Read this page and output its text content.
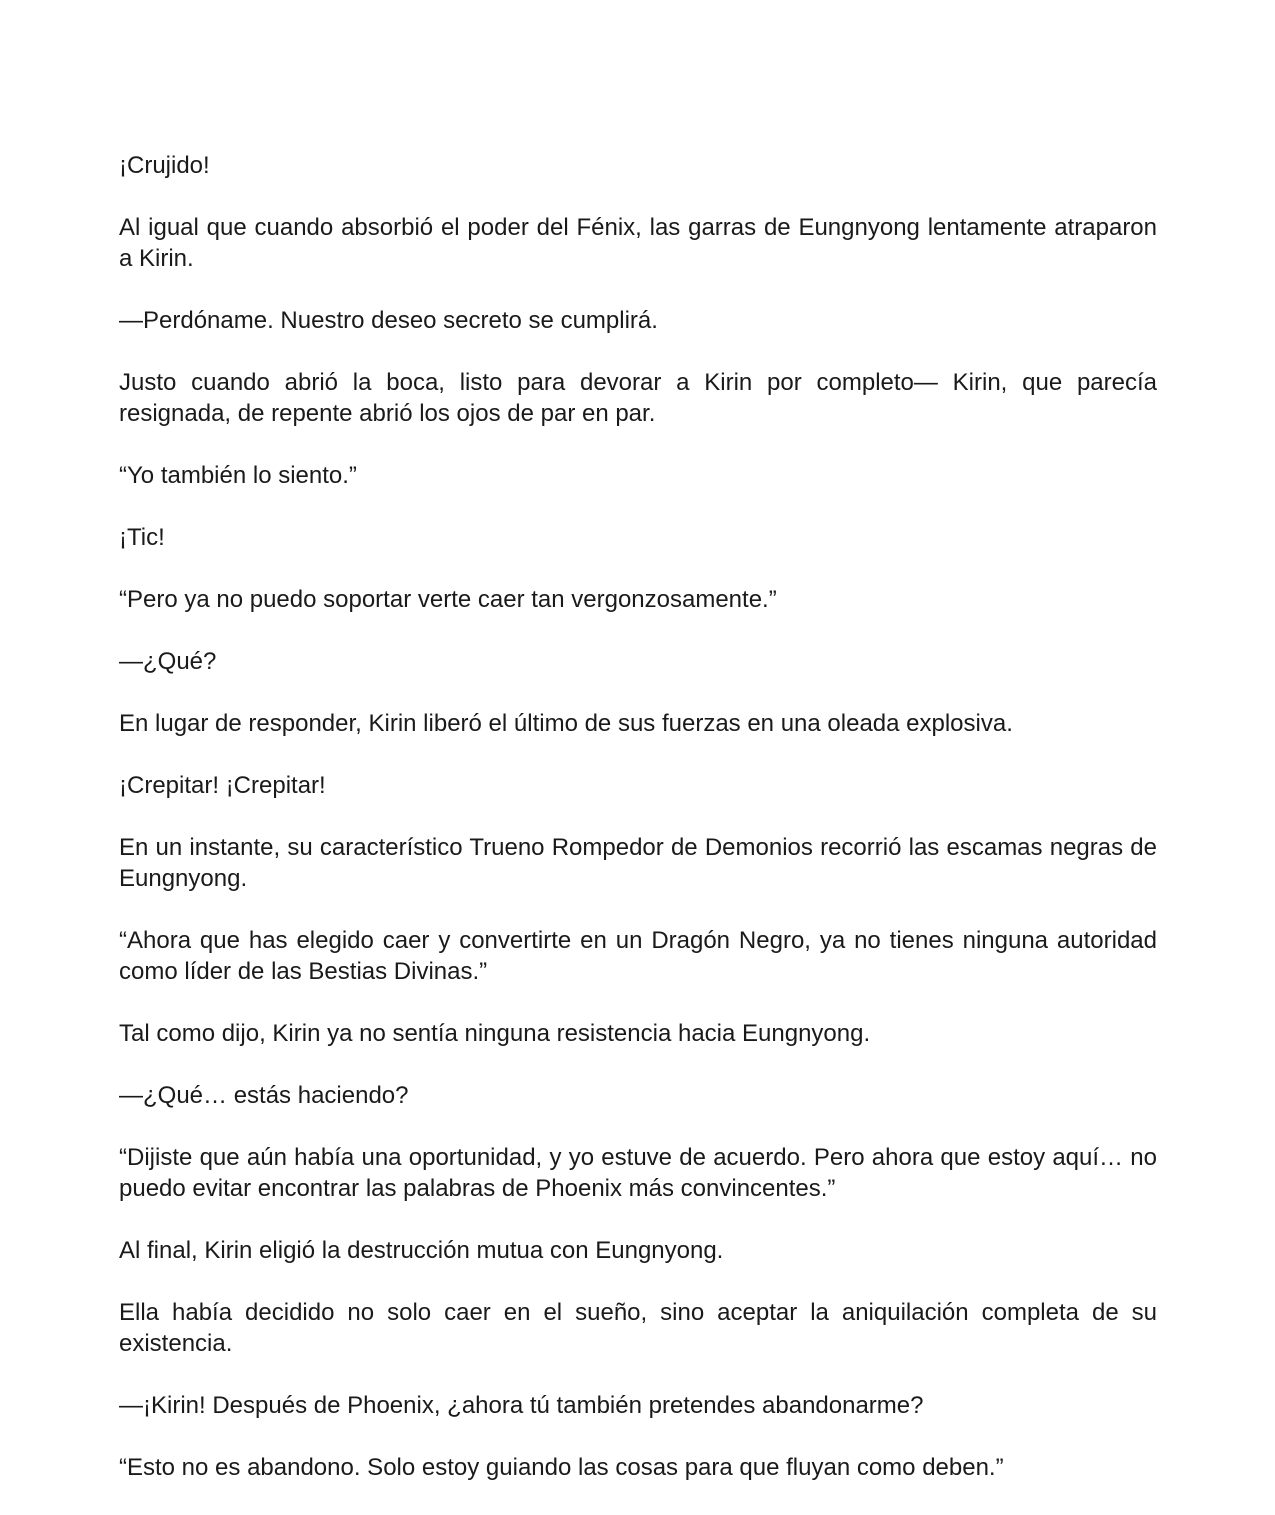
¡Crujido!

Al igual que cuando absorbió el poder del Fénix, las garras de Eungnyong lentamente atraparon a Kirin.

—Perdóname. Nuestro deseo secreto se cumplirá.

Justo cuando abrió la boca, listo para devorar a Kirin por completo— Kirin, que parecía resignada, de repente abrió los ojos de par en par.

“Yo también lo siento.”

¡Tic!

“Pero ya no puedo soportar verte caer tan vergonzosamente.”

—¿Qué?

En lugar de responder, Kirin liberó el último de sus fuerzas en una oleada explosiva.

¡Crepitar! ¡Crepitar!

En un instante, su característico Trueno Rompedor de Demonios recorrió las escamas negras de Eungnyong.

“Ahora que has elegido caer y convertirte en un Dragón Negro, ya no tienes ninguna autoridad como líder de las Bestias Divinas.”

Tal como dijo, Kirin ya no sentía ninguna resistencia hacia Eungnyong.

—¿Qué… estás haciendo?

“Dijiste que aún había una oportunidad, y yo estuve de acuerdo. Pero ahora que estoy aquí… no puedo evitar encontrar las palabras de Phoenix más convincentes.”

Al final, Kirin eligió la destrucción mutua con Eungnyong.

Ella había decidido no solo caer en el sueño, sino aceptar la aniquilación completa de su existencia.

—¡Kirin! Después de Phoenix, ¿ahora tú también pretendes abandonarme?

“Esto no es abandono. Solo estoy guiando las cosas para que fluyan como deben.”
